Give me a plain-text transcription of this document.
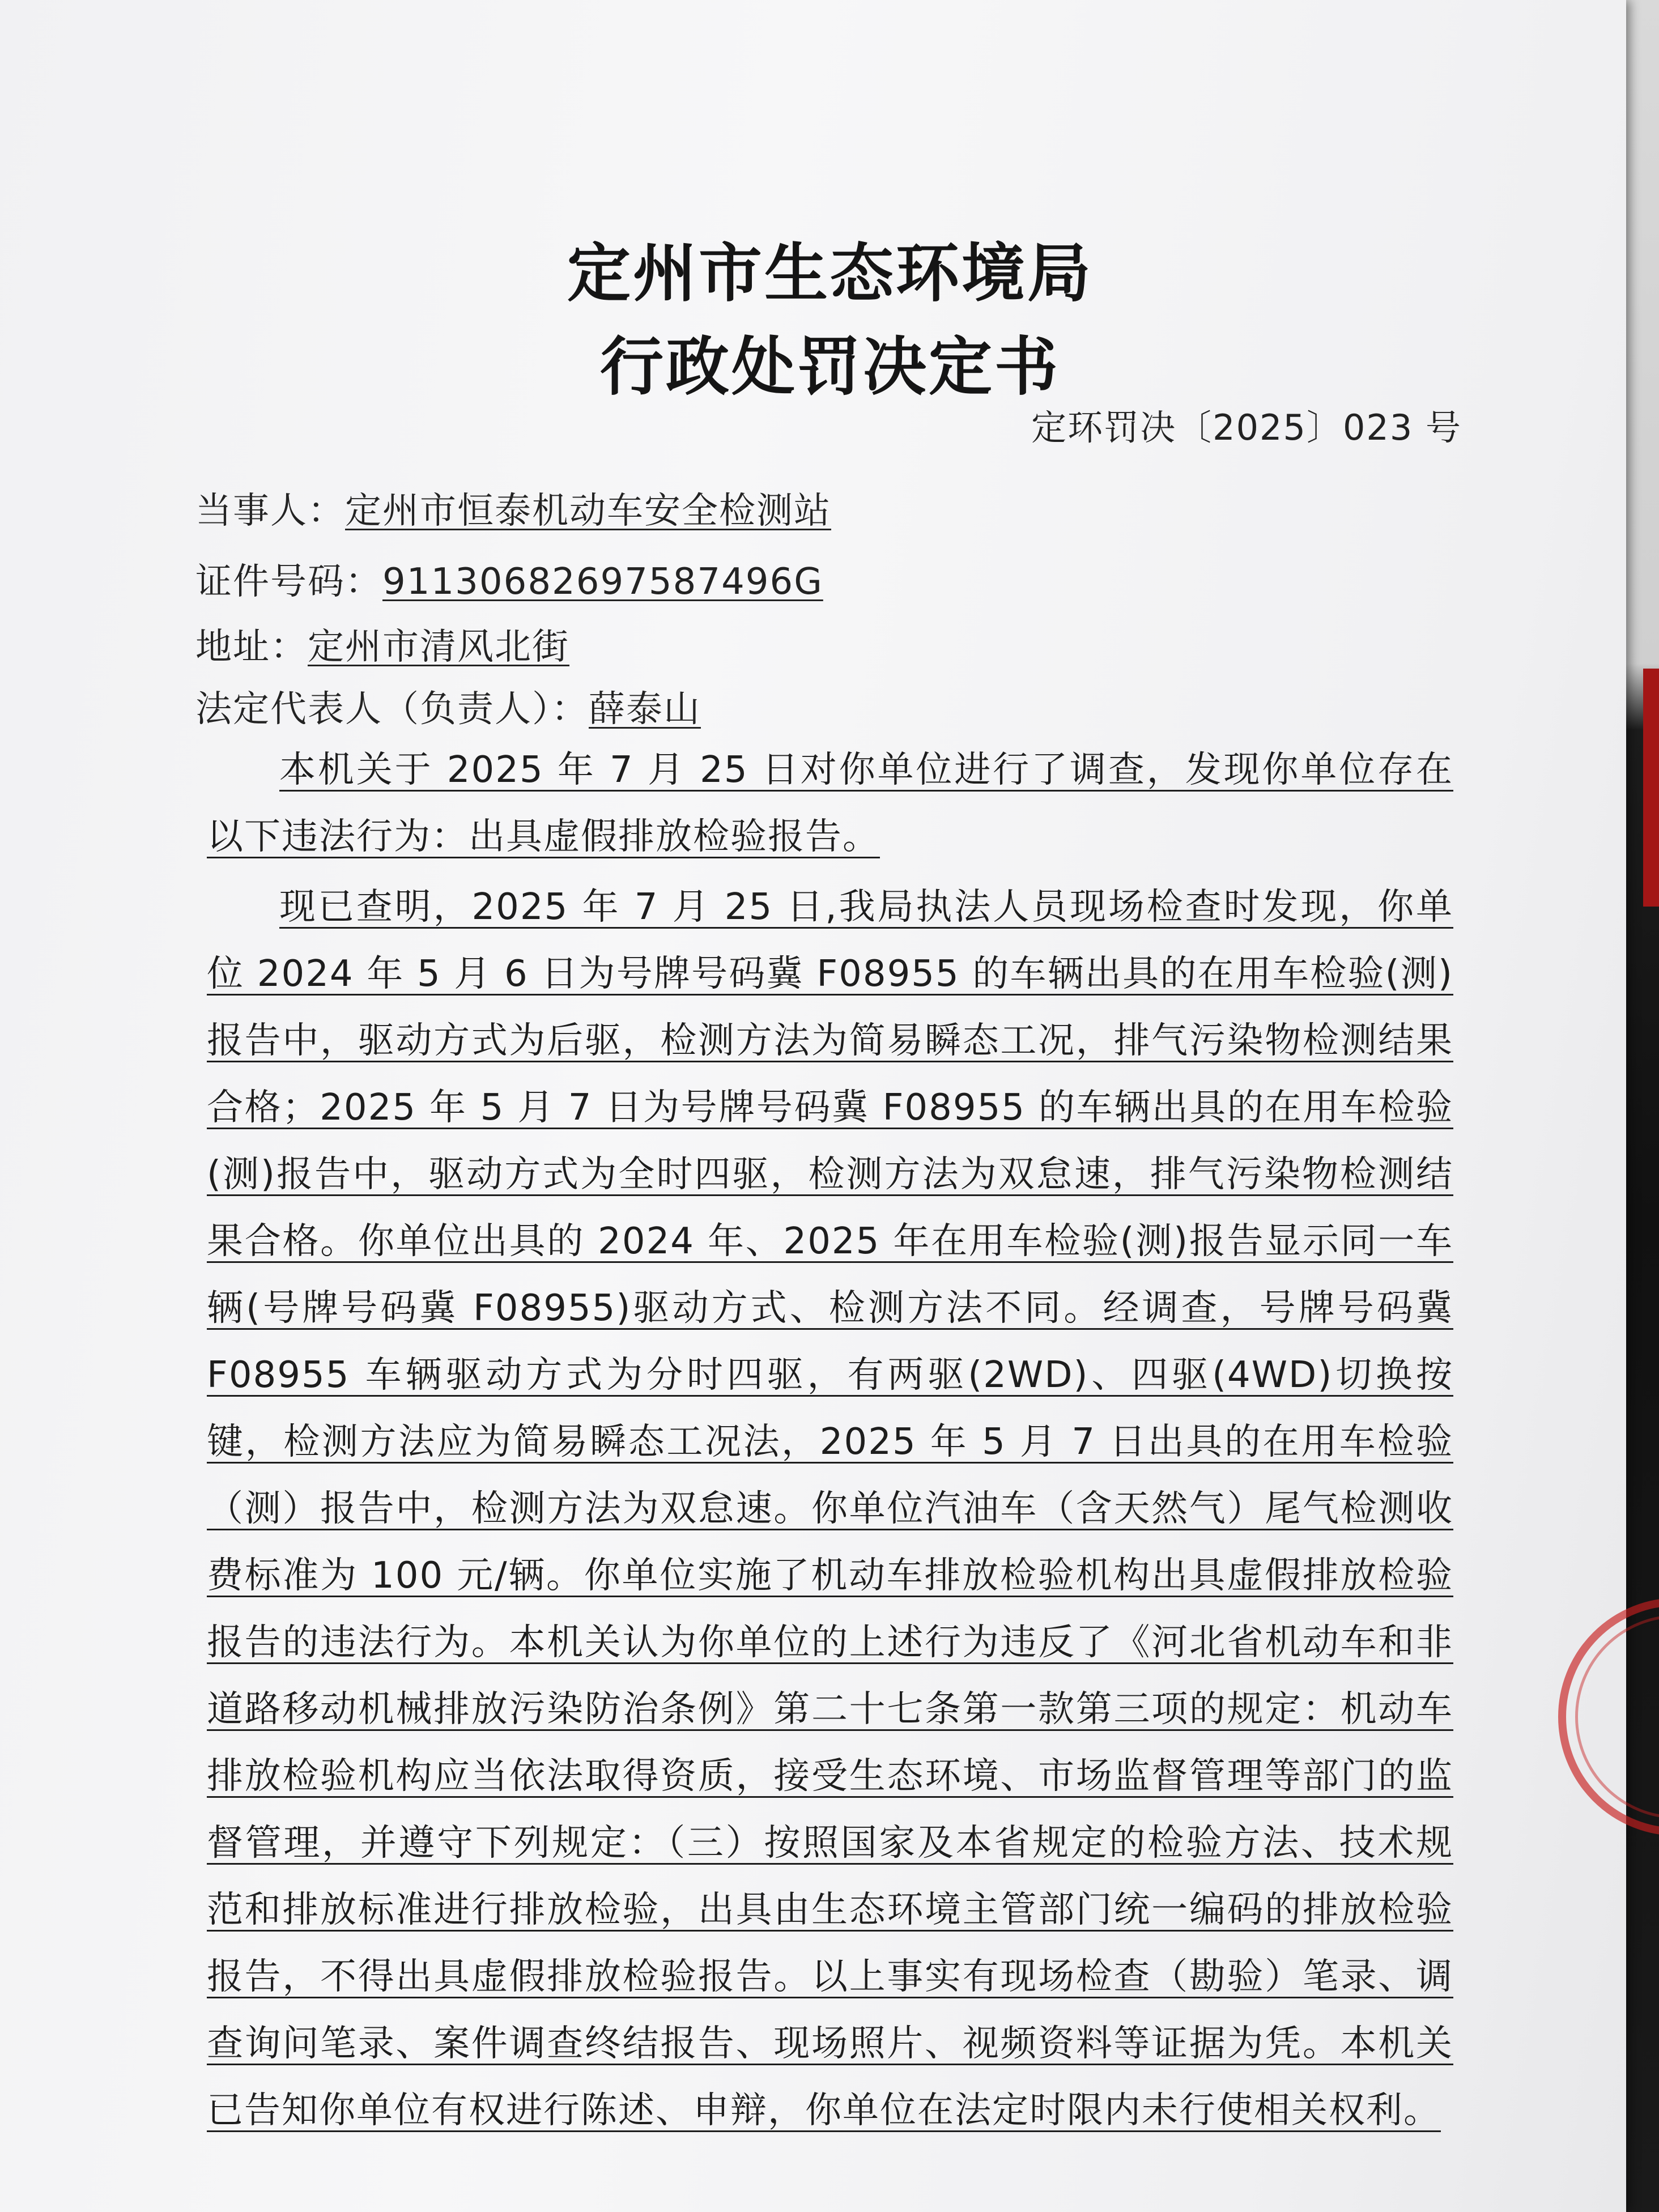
定州市生态环境局
行政处罚决定书
定环罚决〔2025〕023 号
当事人：定州市恒泰机动车安全检测站
证件号码：91130682697587496G
地址：定州市清风北街
法定代表人（负责人）：薛泰山

本机关于 2025 年 7 月 25 日对你单位进行了调查，发现你单位存在以下违法行为：出具虚假排放检验报告。

现已查明，2025 年 7 月 25 日,我局执法人员现场检查时发现，你单位 2024 年 5 月 6 日为号牌号码冀 F08955 的车辆出具的在用车检验(测)报告中，驱动方式为后驱，检测方法为简易瞬态工况，排气污染物检测结果合格；2025 年 5 月 7 日为号牌号码冀 F08955 的车辆出具的在用车检验(测)报告中，驱动方式为全时四驱，检测方法为双怠速，排气污染物检测结果合格。你单位出具的 2024 年、2025 年在用车检验(测)报告显示同一车辆(号牌号码冀 F08955)驱动方式、检测方法不同。经调查，号牌号码冀 F08955 车辆驱动方式为分时四驱，有两驱(2WD)、四驱(4WD)切换按键，检测方法应为简易瞬态工况法，2025 年 5 月 7 日出具的在用车检验（测）报告中，检测方法为双怠速。你单位汽油车（含天然气）尾气检测收费标准为 100 元/辆。你单位实施了机动车排放检验机构出具虚假排放检验报告的违法行为。本机关认为你单位的上述行为违反了《河北省机动车和非道路移动机械排放污染防治条例》第二十七条第一款第三项的规定：机动车排放检验机构应当依法取得资质，接受生态环境、市场监督管理等部门的监督管理，并遵守下列规定：（三）按照国家及本省规定的检验方法、技术规范和排放标准进行排放检验，出具由生态环境主管部门统一编码的排放检验报告，不得出具虚假排放检验报告。以上事实有现场检查（勘验）笔录、调查询问笔录、案件调查终结报告、现场照片、视频资料等证据为凭。本机关已告知你单位有权进行陈述、申辩，你单位在法定时限内未行使相关权利。
